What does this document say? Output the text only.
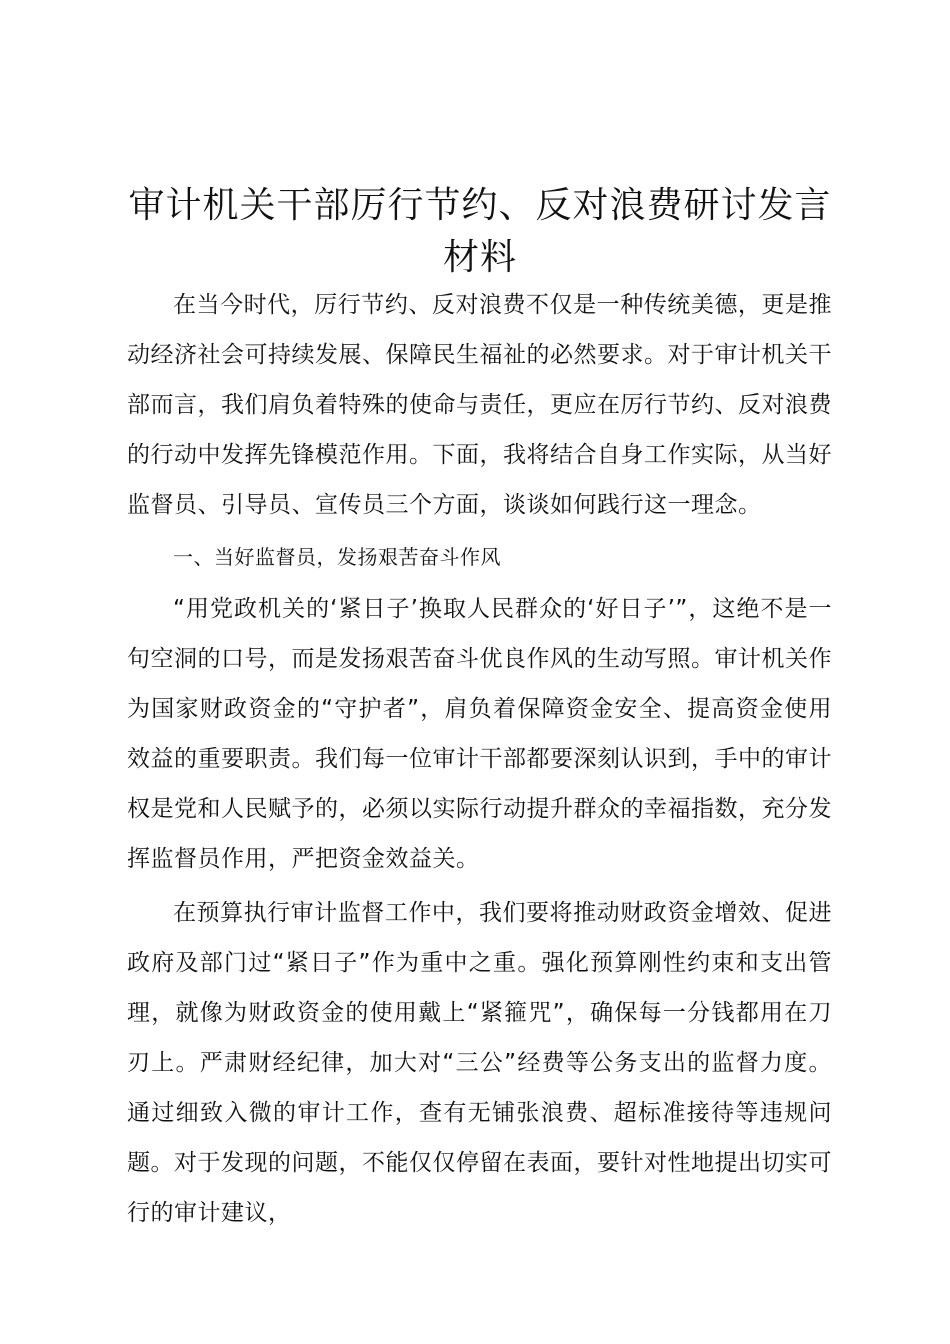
审计机关干部厉行节约、反对浪费研讨发言材料

在当今时代，厉行节约、反对浪费不仅是一种传统美德，更是推动经济社会可持续发展、保障民生福祉的必然要求。对于审计机关干部而言，我们肩负着特殊的使命与责任，更应在厉行节约、反对浪费的行动中发挥先锋模范作用。下面，我将结合自身工作实际，从当好监督员、引导员、宣传员三个方面，谈谈如何践行这一理念。

一、当好监督员，发扬艰苦奋斗作风

“用党政机关的‘紧日子’换取人民群众的‘好日子’”，这绝不是一句空洞的口号，而是发扬艰苦奋斗优良作风的生动写照。审计机关作为国家财政资金的“守护者”，肩负着保障资金安全、提高资金使用效益的重要职责。我们每一位审计干部都要深刻认识到，手中的审计权是党和人民赋予的，必须以实际行动提升群众的幸福指数，充分发挥监督员作用，严把资金效益关。

在预算执行审计监督工作中，我们要将推动财政资金增效、促进政府及部门过“紧日子”作为重中之重。强化预算刚性约束和支出管理，就像为财政资金的使用戴上“紧箍咒”，确保每一分钱都用在刀刃上。严肃财经纪律，加大对“三公”经费等公务支出的监督力度。通过细致入微的审计工作，查有无铺张浪费、超标准接待等违规问题。对于发现的问题，不能仅仅停留在表面，要针对性地提出切实可行的审计建议，
